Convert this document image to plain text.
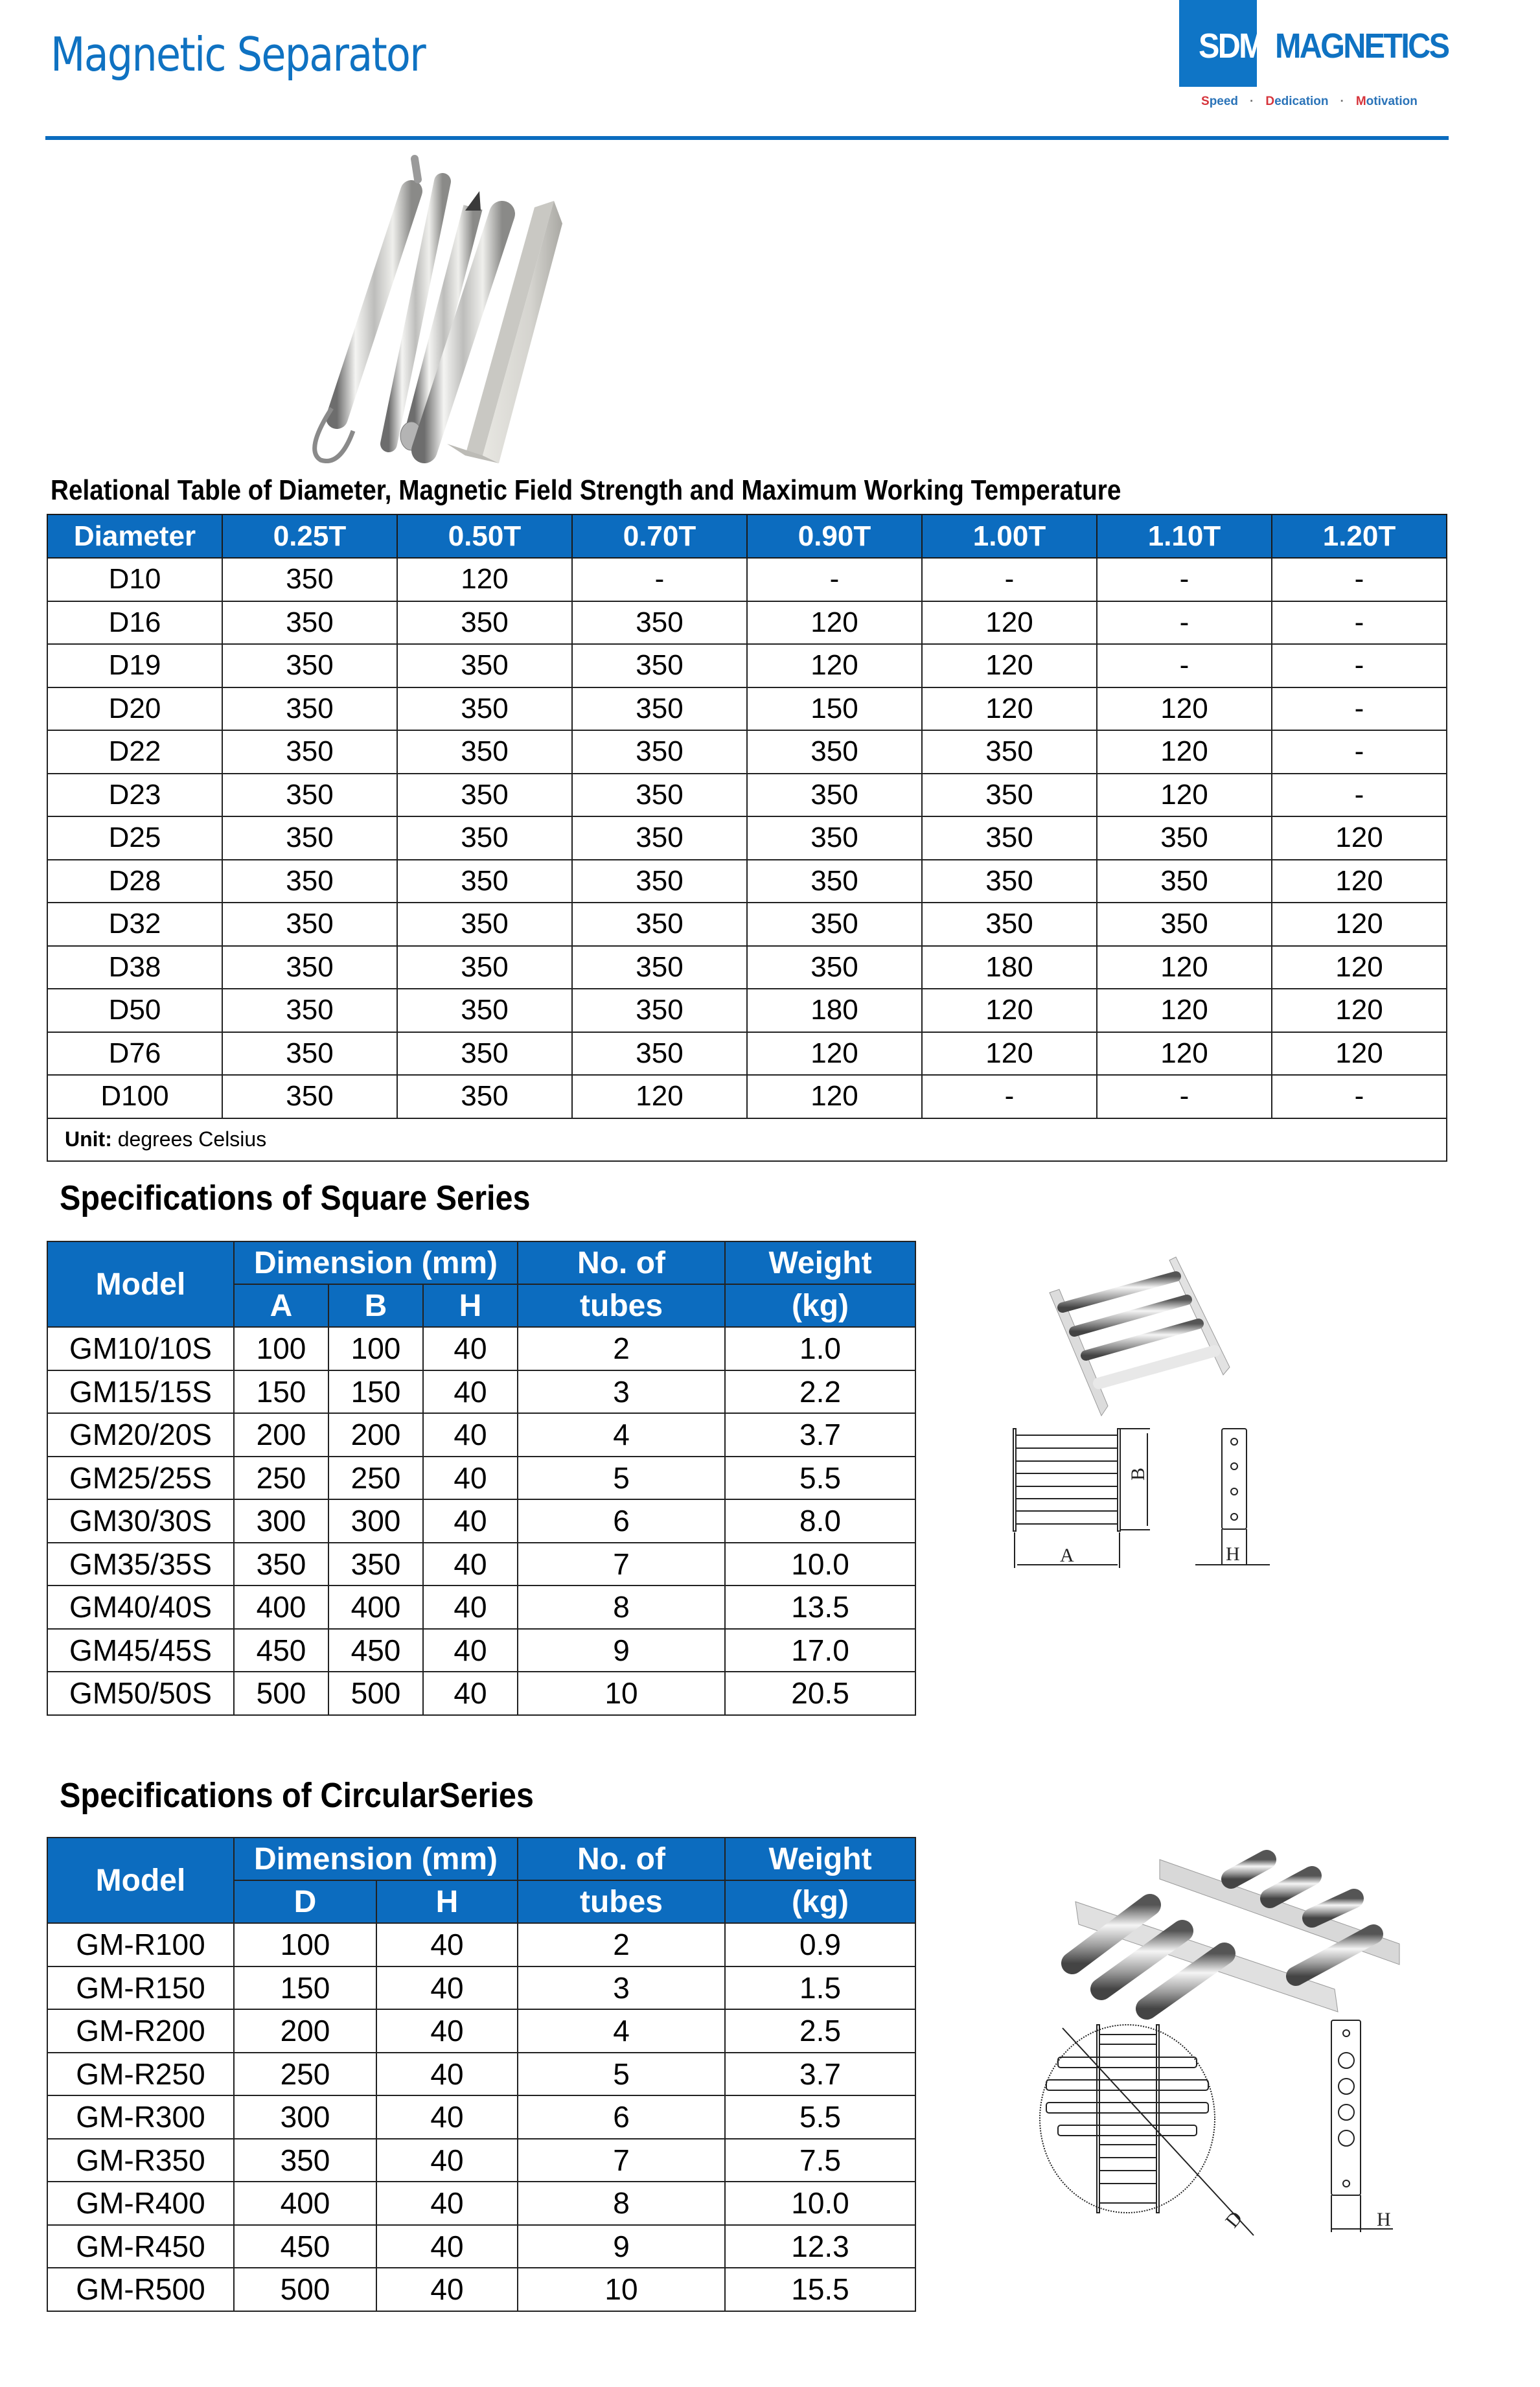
Magnetic Separator	SDM MAGNETICS
Speed · Dedication · Motivation
Relational Table of Diameter, Magnetic Field Strength and Maximum Working Temperature
Diameter	0.25T	0.50T	0.70T	0.90T	1.00T	1.10T	1.20T
D10	350	120	-	-	-	-	-
D16	350	350	350	120	120	-	-
D19	350	350	350	120	120	-	-
D20	350	350	350	150	120	120	-
D22	350	350	350	350	350	120	-
D23	350	350	350	350	350	120	-
D25	350	350	350	350	350	350	120
D28	350	350	350	350	350	350	120
D32	350	350	350	350	350	350	120
D38	350	350	350	350	180	120	120
D50	350	350	350	180	120	120	120
D76	350	350	350	120	120	120	120
D100	350	350	120	120	-	-	-
Unit: degrees Celsius							
Specifications of Square Series
Model	Dimension (mm)			No. of	Weight
	A	B	H	tubes	(kg)
GM10/10S	100	100	40	2	1.0
GM15/15S	150	150	40	3	2.2
GM20/20S	200	200	40	4	3.7
GM25/25S	250	250	40	5	5.5
GM30/30S	300	300	40	6	8.0
GM35/35S	350	350	40	7	10.0
GM40/40S	400	400	40	8	13.5
GM45/45S	450	450	40	9	17.0
GM50/50S	500	500	40	10	20.5
A
B
H
Specifications of CircularSeries
Model	Dimension (mm)		No. of	Weight
	D	H	tubes	(kg)
GM-R100	100	40	2	0.9
GM-R150	150	40	3	1.5
GM-R200	200	40	4	2.5
GM-R250	250	40	5	3.7
GM-R300	300	40	6	5.5
GM-R350	350	40	7	7.5
GM-R400	400	40	8	10.0
GM-R450	450	40	9	12.3
GM-R500	500	40	10	15.5
D	H
